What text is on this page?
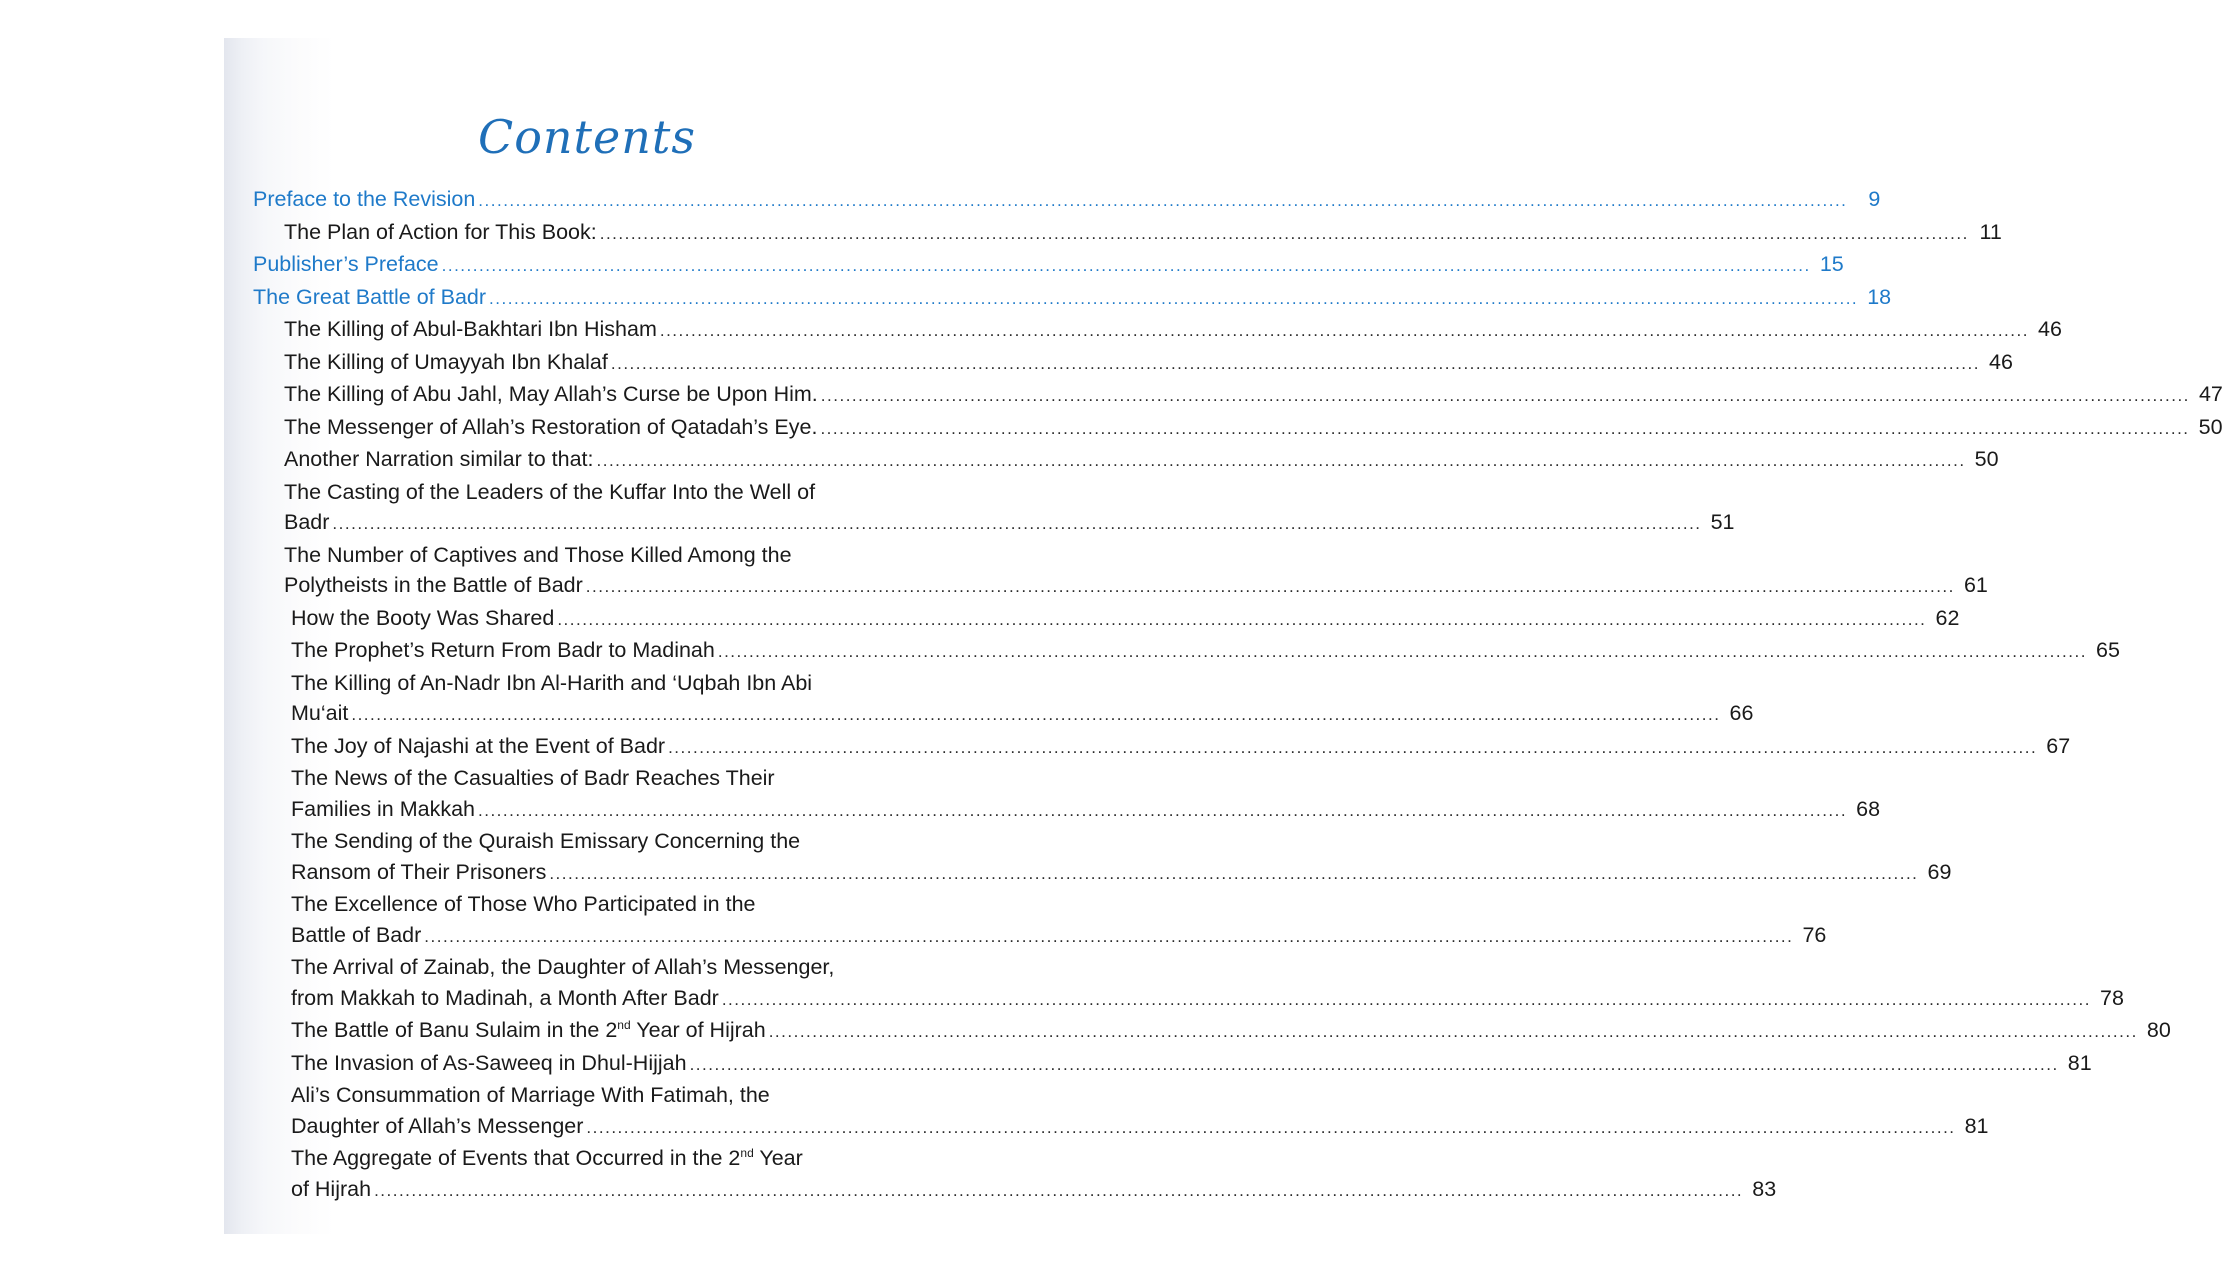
Contents
Preface to the Revision ............................................................................................................................................................................................................................ 9
The Plan of Action for This Book: ............................................................................................................................................................................................................................ 11
Publisher’s Preface ............................................................................................................................................................................................................................ 15
The Great Battle of Badr ............................................................................................................................................................................................................................ 18
The Killing of Abul-Bakhtari Ibn Hisham ............................................................................................................................................................................................................................ 46
The Killing of Umayyah Ibn Khalaf ............................................................................................................................................................................................................................ 46
The Killing of Abu Jahl, May Allah’s Curse be Upon Him. ............................................................................................................................................................................................................................ 47
The Messenger of Allah’s Restoration of Qatadah’s Eye. ............................................................................................................................................................................................................................ 50
Another Narration similar to that: ............................................................................................................................................................................................................................ 50
The Casting of the Leaders of the Kuffar Into the Well of
Badr ............................................................................................................................................................................................................................ 51
The Number of Captives and Those Killed Among the
Polytheists in the Battle of Badr ............................................................................................................................................................................................................................ 61
How the Booty Was Shared ............................................................................................................................................................................................................................ 62
The Prophet’s Return From Badr to Madinah ............................................................................................................................................................................................................................ 65
The Killing of An-Nadr Ibn Al-Harith and ‘Uqbah Ibn Abi
Mu‘ait ............................................................................................................................................................................................................................ 66
The Joy of Najashi at the Event of Badr ............................................................................................................................................................................................................................ 67
The News of the Casualties of Badr Reaches Their
Families in Makkah ............................................................................................................................................................................................................................ 68
The Sending of the Quraish Emissary Concerning the
Ransom of Their Prisoners ............................................................................................................................................................................................................................ 69
The Excellence of Those Who Participated in the
Battle of Badr ............................................................................................................................................................................................................................ 76
The Arrival of Zainab, the Daughter of Allah’s Messenger,
from Makkah to Madinah, a Month After Badr ............................................................................................................................................................................................................................ 78
The Battle of Banu Sulaim in the 2nd Year of Hijrah ............................................................................................................................................................................................................................ 80
The Invasion of As-Saweeq in Dhul-Hijjah ............................................................................................................................................................................................................................ 81
Ali’s Consummation of Marriage With Fatimah, the
Daughter of Allah’s Messenger ............................................................................................................................................................................................................................ 81
The Aggregate of Events that Occurred in the 2nd Year
of Hijrah ............................................................................................................................................................................................................................ 83
